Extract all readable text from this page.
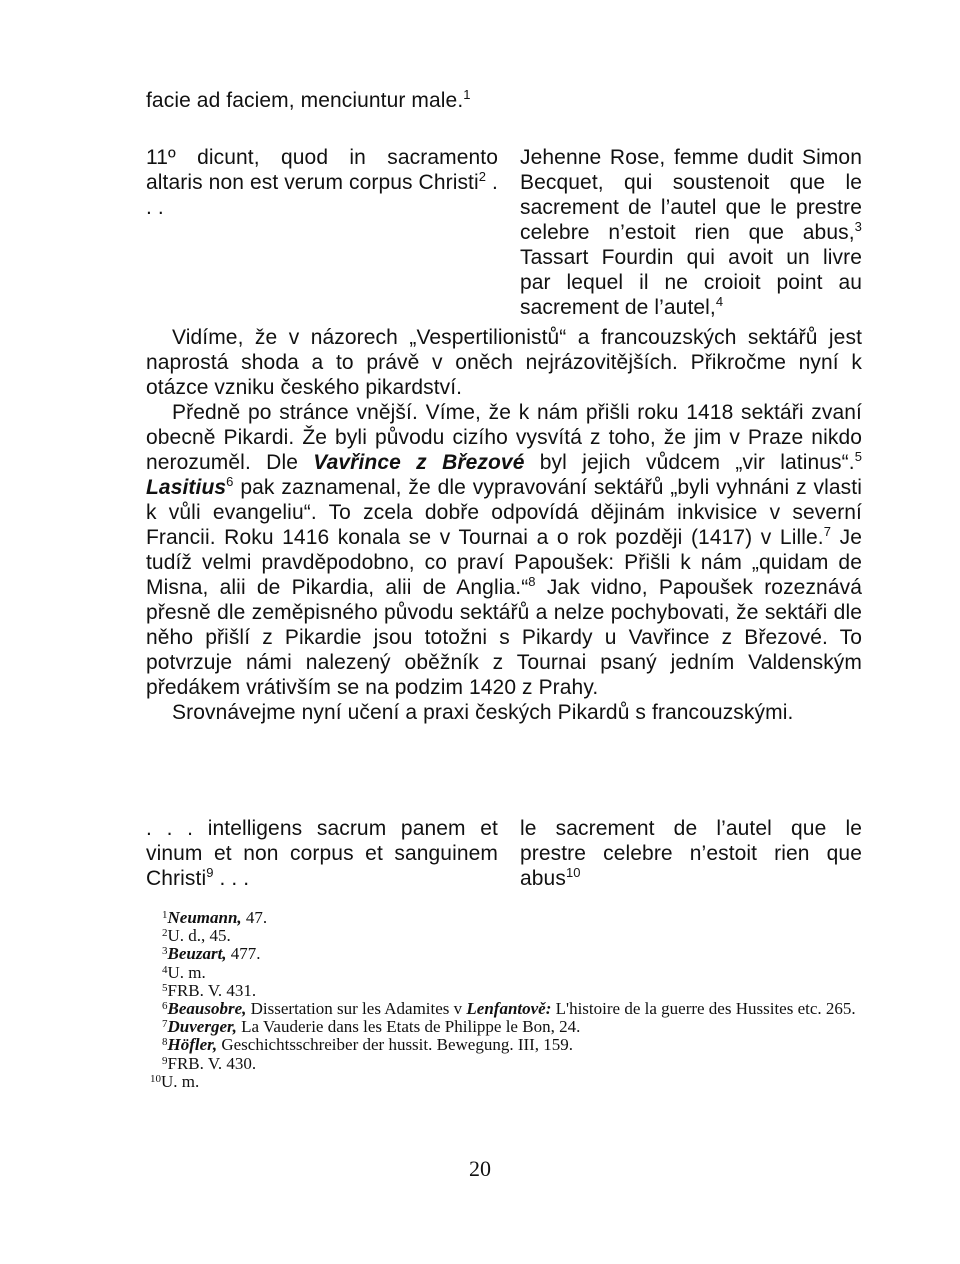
facie ad faciem, menciuntur male.$^1$

11º dicunt, quod in sacramento altaris non est verum corpus Christi$^2$ . . .

Jehenne Rose, femme dudit Simon Becquet, qui soustenoit que le sacrement de l’autel que le prestre celebre n’estoit rien que abus,$^3$ Tassart Fourdin qui avoit un livre par lequel il ne croioit point au sacrement de l’autel,$^4$

Vidíme, že v názorech „Vespertilionistů“ a francouzských sektářů jest naprostá shoda a to právě v oněch nejrázovitějších. Přikročme nyní k otázce vzniku českého pikardství.

Předně po stránce vnější. Víme, že k nám přišli roku 1418 sektáři zvaní obecně Pikardi. Že byli původu cizího vysvítá z toho, že jim v Praze nikdo nerozuměl. Dle Vavřince z Březové byl jejich vůdcem „vir latinus“.$^5$ Lasitius$^6$ pak zaznamenal, že dle vypravování sektářů „byli vyhnáni z vlasti k vůli evangeliu“. To zcela dobře odpovídá dějinám inkvisice v severní Francii. Roku 1416 konala se v Tournai a o rok později (1417) v Lille.$^7$ Je tudíž velmi pravděpodobno, co praví Papoušek: Přišli k nám „quidam de Misna, alii de Pikardia, alii de Anglia.“$^8$ Jak vidno, Papoušek rozeznává přesně dle zeměpisného původu sektářů a nelze pochybovati, že sektáři dle něho přišlí z Pikardie jsou totožni s Pikardy u Vavřince z Březové. To potvrzuje námi nalezený oběžník z Tournai psaný jedním Valdenským předákem vrátivším se na podzim 1420 z Prahy.

Srovnávejme nyní učení a praxi českých Pikardů s francouzskými.

. . . intelligens sacrum panem et vinum et non corpus et sanguinem Christi$^9$ . . .

le sacrement de l’autel que le prestre celebre n’estoit rien que abus$^{10}$

$^1$Neumann, 47.

$^2$U. d., 45.

$^3$Beuzart, 477.

$^4$U. m.

$^5$FRB. V. 431.

$^6$Beausobre, Dissertation sur les Adamites v Lenfantově: L'histoire de la guerre des Hussites etc. 265.

$^7$Duverger, La Vauderie dans les Etats de Philippe le Bon, 24.

$^8$Höfler, Geschichtsschreiber der hussit. Bewegung. III, 159.

$^9$FRB. V. 430.

$^{10}$U. m.

20
